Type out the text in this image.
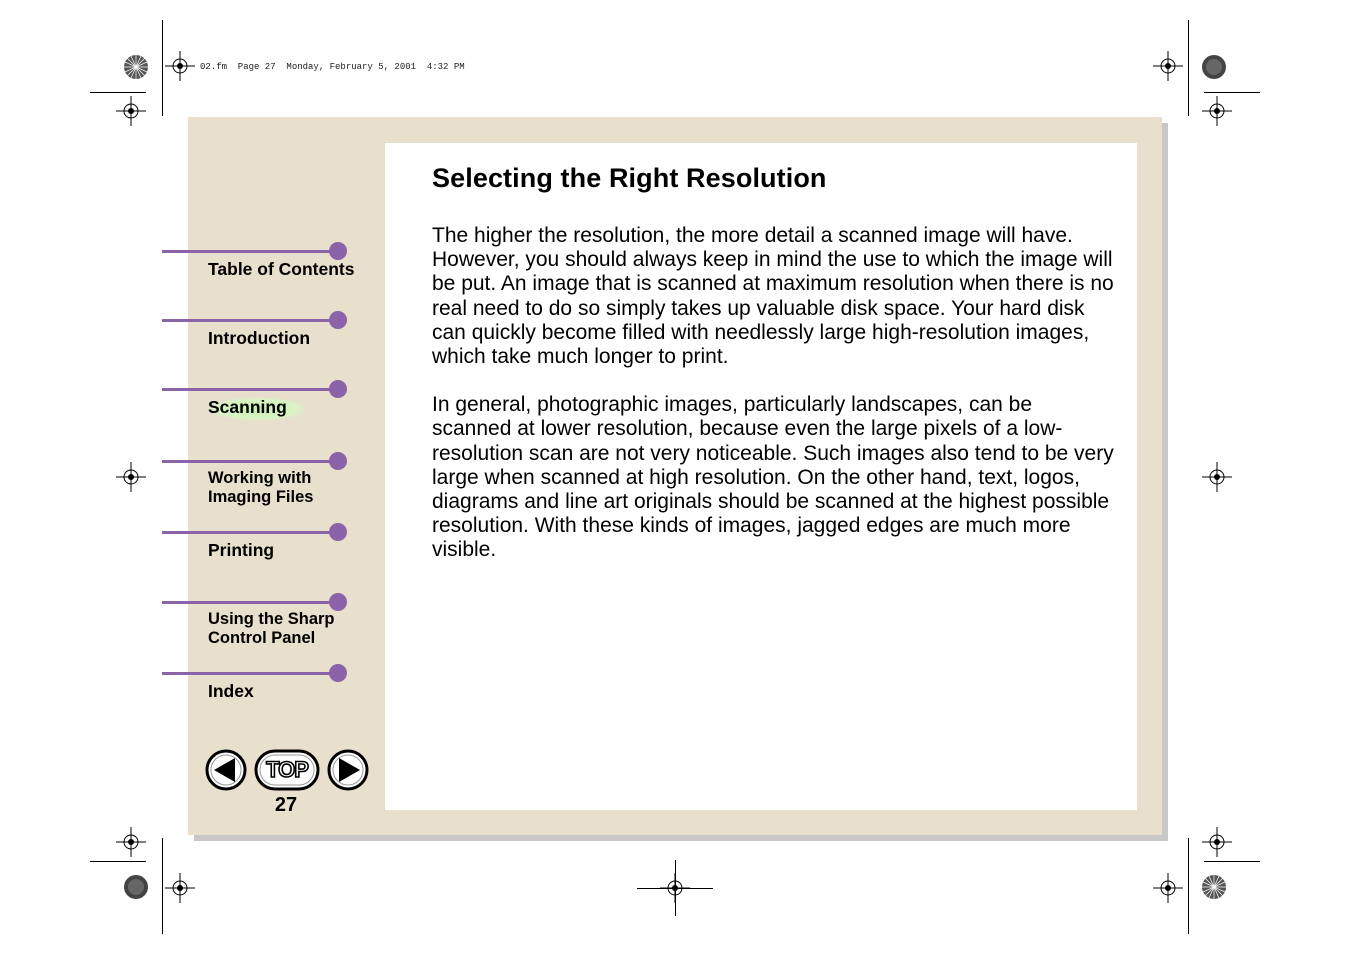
02.fm  Page 27  Monday, February 5, 2001  4:32 PM
Selecting the Right Resolution

The higher the resolution, the more detail a scanned image will have. However, you should always keep in mind the use to which the image will be put. An image that is scanned at maximum resolution when there is no real need to do so simply takes up valuable disk space. Your hard disk can quickly become filled with needlessly large high-resolution images, which take much longer to print.

In general, photographic images, particularly landscapes, can be scanned at lower resolution, because even the large pixels of a low-resolution scan are not very noticeable. Such images also tend to be very large when scanned at high resolution. On the other hand, text, logos, diagrams and line art originals should be scanned at the highest possible resolution. With these kinds of images, jagged edges are much more visible.

Table of Contents
Introduction
Scanning
Working with
Imaging Files
Printing
Using the Sharp
Control Panel
Index
TOP
27
